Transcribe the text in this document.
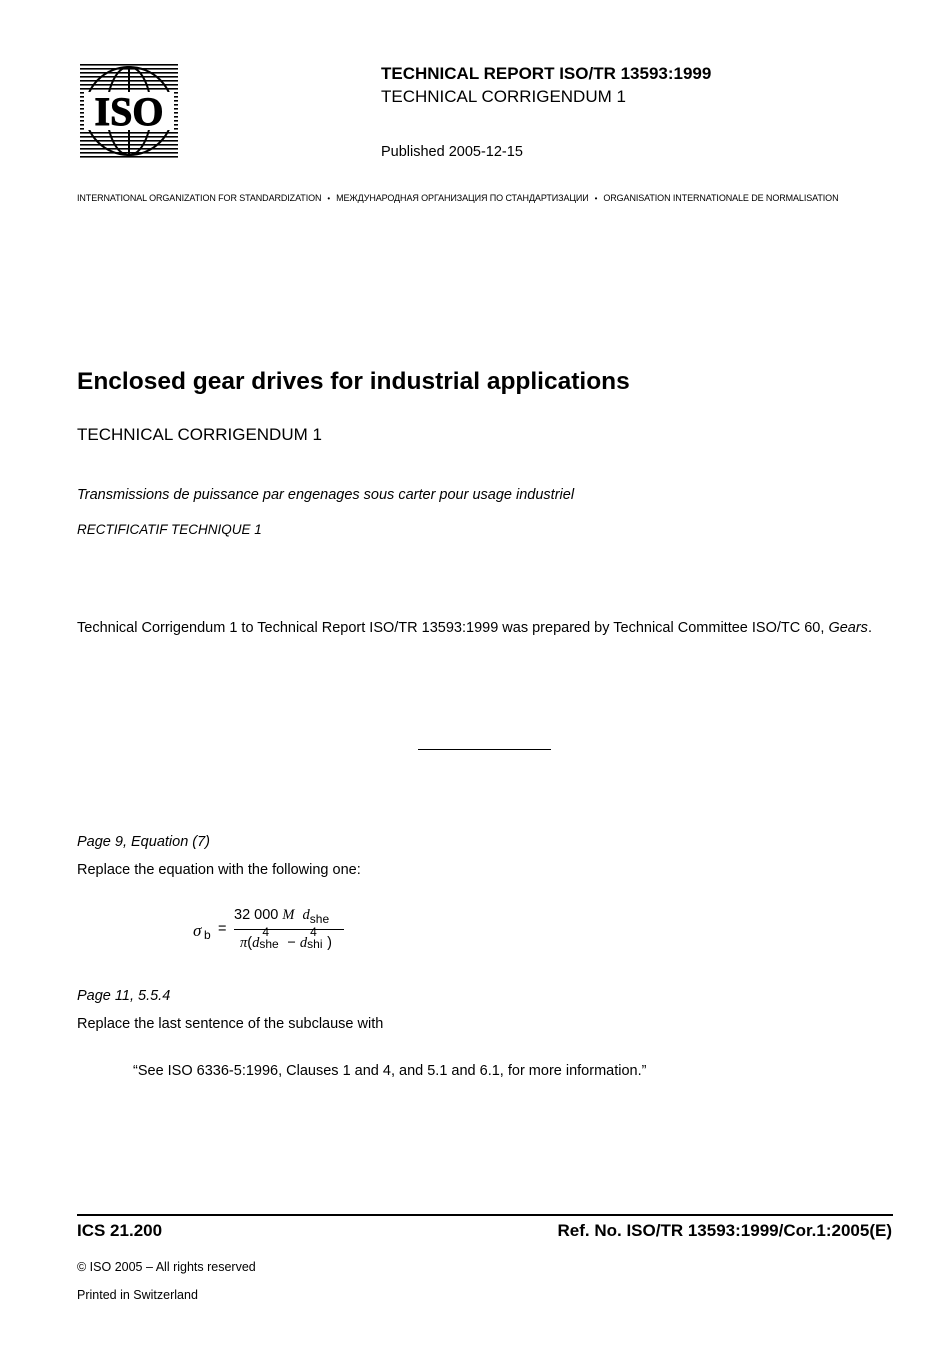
ISO
TECHNICAL REPORT ISO/TR 13593:1999
TECHNICAL CORRIGENDUM 1
Published 2005-12-15
INTERNATIONAL ORGANIZATION FOR STANDARDIZATION • МЕЖДУНАРОДНАЯ ОРГАНИЗАЦИЯ ПО СТАНДАРТИЗАЦИИ • ORGANISATION INTERNATIONALE DE NORMALISATION
Enclosed gear drives for industrial applications
TECHNICAL CORRIGENDUM 1
Transmissions de puissance par engenages sous carter pour usage industriel
RECTIFICATIF TECHNIQUE 1
Technical Corrigendum 1 to Technical Report ISO/TR 13593:1999 was prepared by Technical Committee ISO/TC 60, Gears.
Page 9, Equation (7)
Replace the equation with the following one:
σ b =
32 000 M $d_{she}$
π(d
4
she − d
4
shi )
Page 11, 5.5.4
Replace the last sentence of the subclause with
“See ISO 6336-5:1996, Clauses 1 and 4, and 5.1 and 6.1, for more information.”
ICS 21.200	Ref. No. ISO/TR 13593:1999/Cor.1:2005(E)
© ISO 2005 – All rights reserved
Printed in Switzerland
